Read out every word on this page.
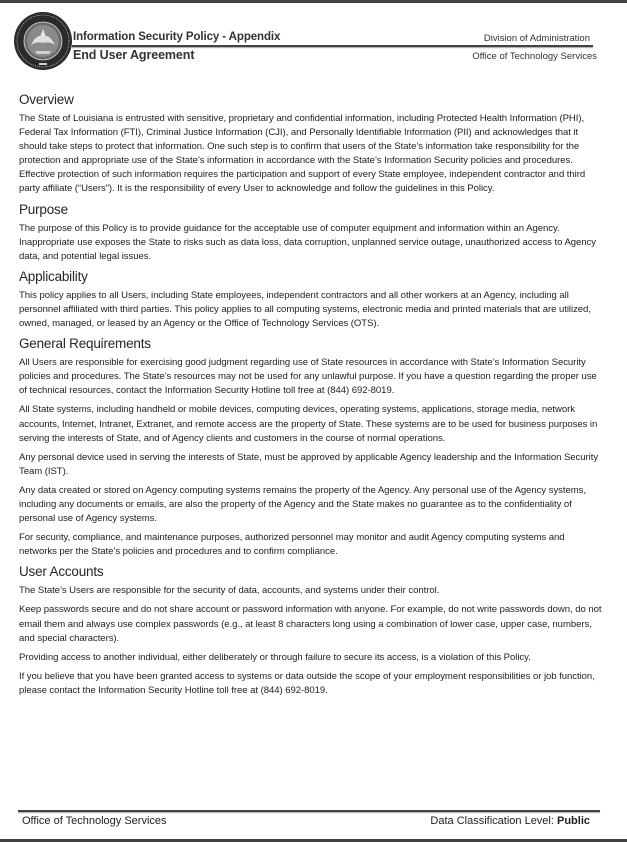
Information Security Policy - Appendix
End User Agreement
Division of Administration
Office of Technology Services
Overview

The State of Louisiana is entrusted with sensitive, proprietary and confidential information, including Protected Health Information (PHI), Federal Tax Information (FTI), Criminal Justice Information (CJI), and Personally Identifiable Information (PII) and acknowledges that it should take steps to protect that information. One such step is to confirm that users of the State’s information take responsibility for the protection and appropriate use of the State’s information in accordance with the State’s Information Security policies and procedures. Effective protection of such information requires the participation and support of every State employee, independent contractor and third party affiliate (“Users”). It is the responsibility of every User to acknowledge and follow the guidelines in this Policy.

Purpose

The purpose of this Policy is to provide guidance for the acceptable use of computer equipment and information within an Agency. Inappropriate use exposes the State to risks such as data loss, data corruption, unplanned service outage, unauthorized access to Agency data, and potential legal issues.

Applicability

This policy applies to all Users, including State employees, independent contractors and all other workers at an Agency, including all personnel affiliated with third parties. This policy applies to all computing systems, electronic media and printed materials that are utilized, owned, managed, or leased by an Agency or the Office of Technology Services (OTS).

General Requirements

All Users are responsible for exercising good judgment regarding use of State resources in accordance with State’s Information Security policies and procedures. The State’s resources may not be used for any unlawful purpose. If you have a question regarding the proper use of technical resources, contact the Information Security Hotline toll free at (844) 692-8019.

All State systems, including handheld or mobile devices, computing devices, operating systems, applications, storage media, network accounts, Internet, Intranet, Extranet, and remote access are the property of State. These systems are to be used for business purposes in serving the interests of State, and of Agency clients and customers in the course of normal operations.

Any personal device used in serving the interests of State, must be approved by applicable Agency leadership and the Information Security Team (IST).

Any data created or stored on Agency computing systems remains the property of the Agency. Any personal use of the Agency systems, including any documents or emails, are also the property of the Agency and the State makes no guarantee as to the confidentiality of personal use of Agency systems.

For security, compliance, and maintenance purposes, authorized personnel may monitor and audit Agency computing systems and networks per the State’s policies and procedures and to confirm compliance.

User Accounts

The State’s Users are responsible for the security of data, accounts, and systems under their control.

Keep passwords secure and do not share account or password information with anyone. For example, do not write passwords down, do not email them and always use complex passwords (e.g., at least 8 characters long using a combination of lower case, upper case, numbers, and special characters).

Providing access to another individual, either deliberately or through failure to secure its access, is a violation of this Policy.

If you believe that you have been granted access to systems or data outside the scope of your employment responsibilities or job function, please contact the Information Security Hotline toll free at (844) 692-8019.

Office of Technology Services	Data Classification Level: Public
